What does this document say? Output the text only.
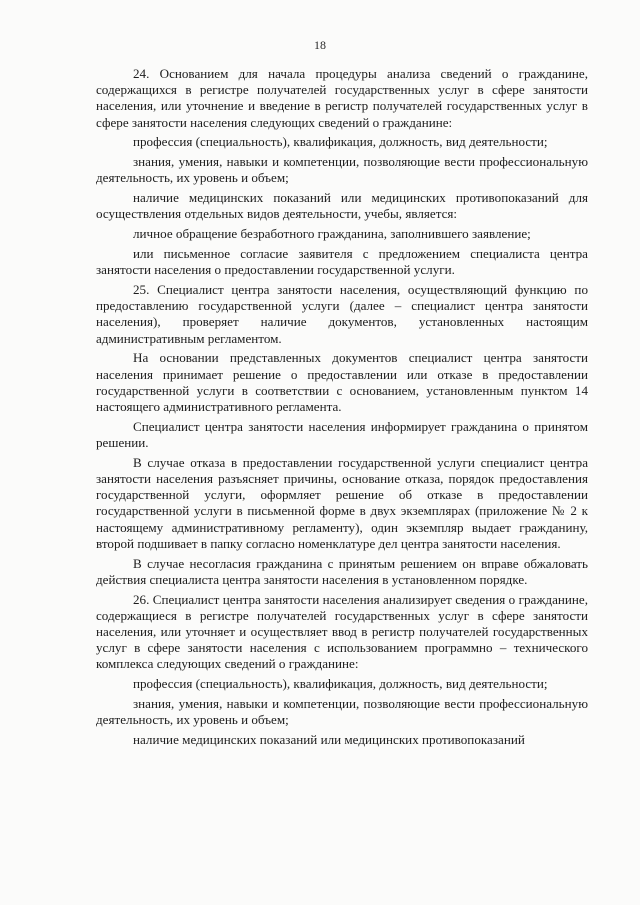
18

24. Основанием для начала процедуры анализа сведений о гражданине, содержащихся в регистре получателей государственных услуг в сфере занятости населения, или уточнение и введение в регистр получателей государственных услуг в сфере занятости населения следующих сведений о гражданине:

профессия (специальность), квалификация, должность, вид деятельности;

знания, умения, навыки и компетенции, позволяющие вести профессиональную деятельность, их уровень и объем;

наличие медицинских показаний или медицинских противопоказаний для осуществления отдельных видов деятельности, учебы, является:

личное обращение безработного гражданина, заполнившего заявление;

или письменное согласие заявителя с предложением специалиста центра занятости населения о предоставлении государственной услуги.

25. Специалист центра занятости населения, осуществляющий функцию по предоставлению государственной услуги (далее – специалист центра занятости населения), проверяет наличие документов, установленных настоящим административным регламентом.

На основании представленных документов специалист центра занятости населения принимает решение о предоставлении или отказе в предоставлении государственной услуги в соответствии с основанием, установленным пунктом 14 настоящего административного регламента.

Специалист центра занятости населения информирует гражданина о принятом решении.

В случае отказа в предоставлении государственной услуги специалист центра занятости населения разъясняет причины, основание отказа, порядок предоставления государственной услуги, оформляет решение об отказе в предоставлении государственной услуги в письменной форме в двух экземплярах (приложение № 2 к настоящему административному регламенту), один экземпляр выдает гражданину, второй подшивает в папку согласно номенклатуре дел центра занятости населения.

В случае несогласия гражданина с принятым решением он вправе обжаловать действия специалиста центра занятости населения в установленном порядке.

26. Специалист центра занятости населения анализирует сведения о гражданине, содержащиеся в регистре получателей государственных услуг в сфере занятости населения, или уточняет и осуществляет ввод в регистр получателей государственных услуг в сфере занятости населения с использованием программно – технического комплекса следующих сведений о гражданине:

профессия (специальность), квалификация, должность, вид деятельности;

знания, умения, навыки и компетенции, позволяющие вести профессиональную деятельность, их уровень и объем;

наличие медицинских показаний или медицинских противопоказаний
